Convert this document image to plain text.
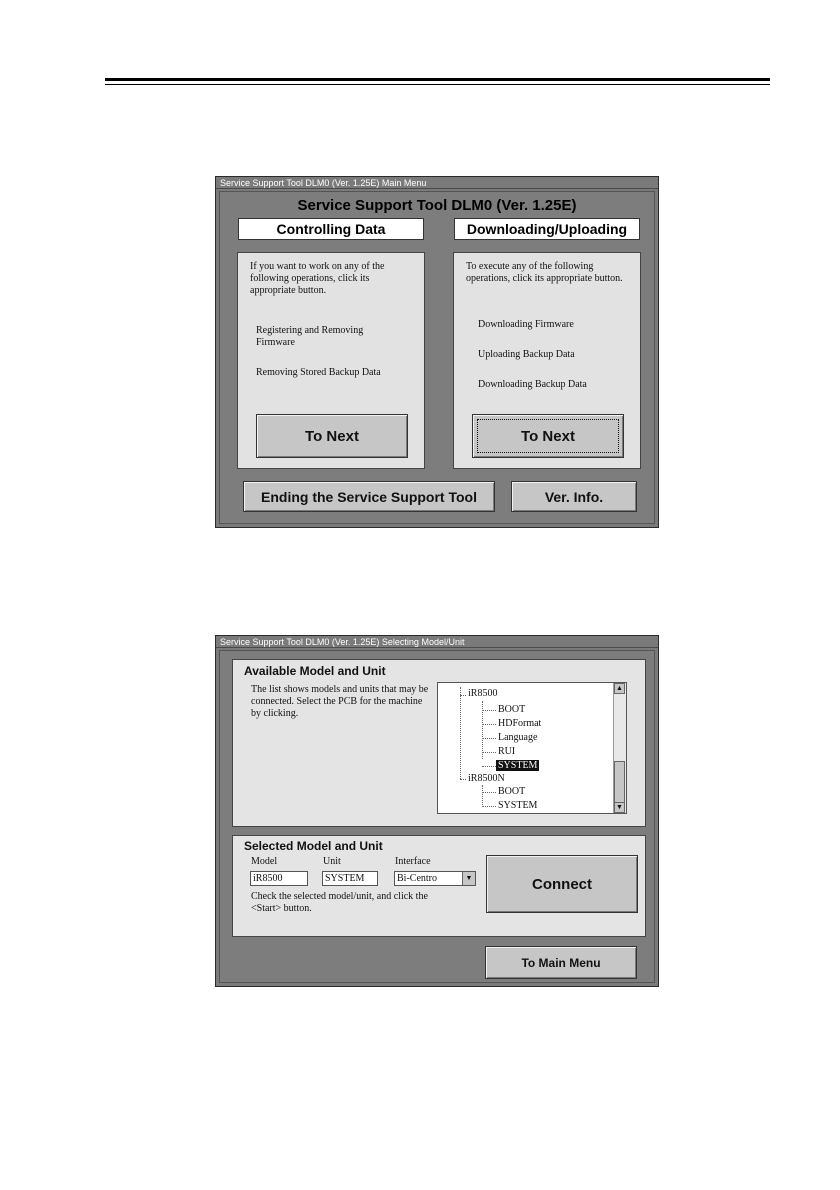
Service Support Tool DLM0 (Ver. 1.25E) Main Menu
Service Support Tool DLM0 (Ver. 1.25E)
Controlling Data	Downloading/Uploading
If you want to work on any of the following operations, click its appropriate button.
Registering and Removing Firmware
Removing Stored Backup Data
To Next
To execute any of the following operations, click its appropriate button.
Downloading Firmware
Uploading Backup Data
Downloading Backup Data
To Next
Ending the Service Support Tool	Ver. Info.
Service Support Tool DLM0 (Ver. 1.25E) Selecting Model/Unit
Available Model and Unit
The list shows models and units that may be connected. Select the PCB for the machine by clicking.
iR8500
BOOT
HDFormat
Language
RUI
SYSTEM
iR8500N
BOOT
SYSTEM
▲
▼
Selected Model and Unit
Model
iR8500
Unit
SYSTEM
Interface
Bi-Centro	▼
Check the selected model/unit, and click the <Start> button.
Connect
To Main Menu
